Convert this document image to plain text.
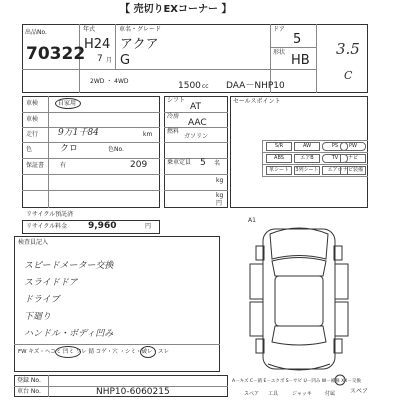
【 売切りEXコーナー 】
出品No.
70322
年式
H24
7 月
車名・グレード
アクア
G
ドア
5
形状
HB
3.5
C
2WD ・ 4WD	1500 cc DAA－NHP10
車検	自家用
車検
走行 9万1千84	km
色	クロ	色No.
保証書	有	209
リサイクル預託済
リサイクル料金 9,960	円
シフト
AT
冷房
AAC
燃料
ガソリン
乗車定員 5 名
kg
kg
円
セールスポイント
S/R	AW	PS	PW
ABS	エアB	TV	ナビ
革シート	3列シート	エアロ ナビ装備
検査員記入
スピードメーター交換
スライドドア
ドライブ
下廻り
ハンドル・ボディ凹み
FW キズ・ヘコミ 凹ミ ワレ 錆 コゲ・穴 ・シミ・破レ・スレ
A1
スペア
登録 No.
車台 No.	NHP10-6060215
A－キズ C－錆 E－エクボ S－サビ U－凹み W－補修 XX－交換
スペア 工具	ジャッキ	付属
